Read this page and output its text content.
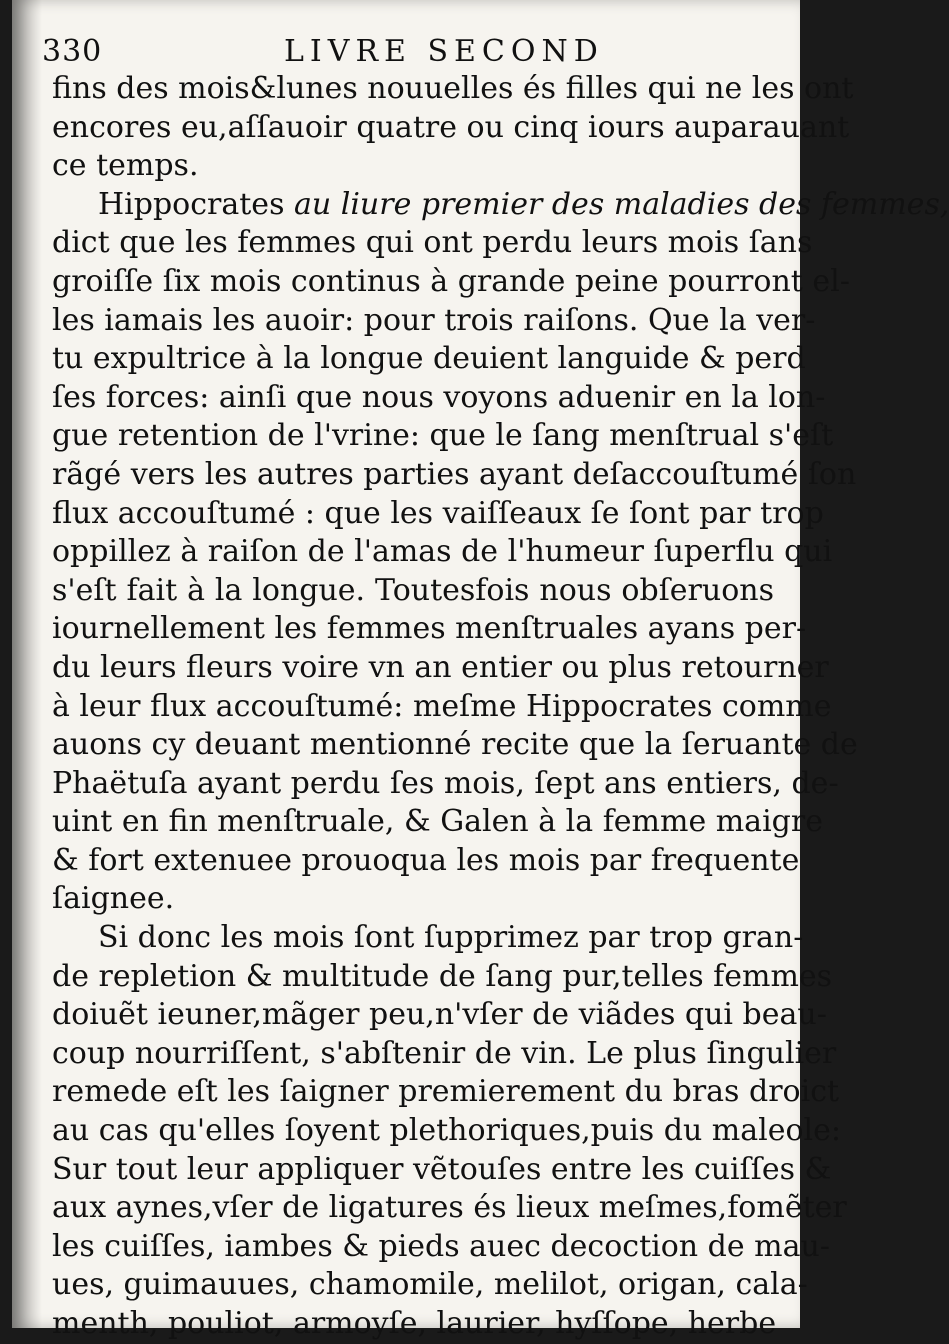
330	LIVRE SECOND
fins des mois&lunes nouuelles és filles qui ne les ont
encores eu,aſſauoir quatre ou cinq iours auparauant
ce temps.
Hippocrates au liure premier des maladies des femmes,
dict que les femmes qui ont perdu leurs mois ſans
groiſſe ſix mois continus à grande peine pourront el-
les iamais les auoir: pour trois raiſons. Que la ver-
tu expultrice à la longue deuient languide & perd
ſes forces: ainſi que nous voyons aduenir en la lon-
gue retention de l'vrine: que le ſang menſtrual s'eſt
rãgé vers les autres parties ayant deſaccouſtumé ſon
flux accouſtumé : que les vaiſſeaux ſe ſont par trop
oppillez à raiſon de l'amas de l'humeur ſuperflu qui
s'eſt fait à la longue. Toutesfois nous obſeruons
iournellement les femmes menſtruales ayans per-
du leurs fleurs voire vn an entier ou plus retourner
à leur flux accouſtumé: meſme Hippocrates comme
auons cy deuant mentionné recite que la ſeruante de
Phaëtuſa ayant perdu ſes mois, ſept ans entiers, de-
uint en fin menſtruale, & Galen à la femme maigre
& fort extenuee prouoqua les mois par frequente
ſaignee.
Si donc les mois ſont ſupprimez par trop gran-
de repletion & multitude de ſang pur,telles femmes
doiuẽt ieuner,mãger peu,n'vſer de viãdes qui beau-
coup nourriſſent, s'abſtenir de vin. Le plus ſingulier
remede eſt les ſaigner premierement du bras droict
au cas qu'elles ſoyent plethoriques,puis du maleole:
Sur tout leur appliquer vẽtouſes entre les cuiſſes &
aux aynes,vſer de ligatures és lieux meſmes,fomẽter
les cuiſſes, iambes & pieds auec decoction de mau-
ues, guimauues, chamomile, melilot, origan, cala-
menth, pouliot, armoyſe, laurier, hyſſope, herbe
